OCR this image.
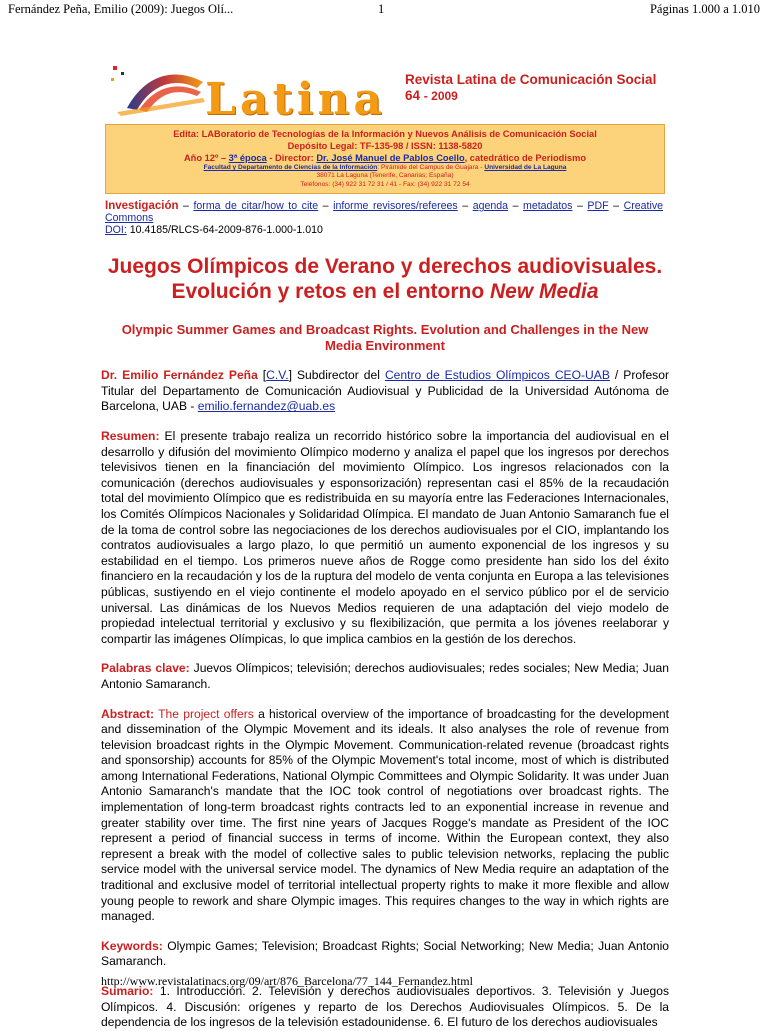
Fernández Peña, Emilio (2009): Juegos Olí...	1	Páginas 1.000 a 1.010
Latina Revista Latina de Comunicación Social
64 - 2009
Edita: LABoratorio de Tecnologías de la Información y Nuevos Análisis de Comunicación Social
Depósito Legal: TF-135-98 / ISSN: 1138-5820
Año 12º – 3ª época - Director: Dr. José Manuel de Pablos Coello, catedrático de Periodismo
Facultad y Departamento de Ciencias de la Información: Pirámide del Campus de Guajara - Universidad de La Laguna
38071 La Laguna (Tenerife, Canarias; España)
Teléfonos: (34) 922 31 72 31 / 41 - Fax: (34) 922 31 72 54
Investigación – forma de citar/how to cite – informe revisores/referees – agenda – metadatos – PDF – Creative Commons
DOI: 10.4185/RLCS-64-2009-876-1.000-1.010
Juegos Olímpicos de Verano y derechos audiovisuales.
Evolución y retos en el entorno New Media
Olympic Summer Games and Broadcast Rights. Evolution and Challenges in the New Media Environment

Dr. Emilio Fernández Peña [C.V.] Subdirector del Centro de Estudios Olímpicos CEO-UAB / Profesor Titular del Departamento de Comunicación Audiovisual y Publicidad de la Universidad Autónoma de Barcelona, UAB - emilio.fernandez@uab.es

Resumen: El presente trabajo realiza un recorrido histórico sobre la importancia del audiovisual en el desarrollo y difusión del movimiento Olímpico moderno y analiza el papel que los ingresos por derechos televisivos tienen en la financiación del movimiento Olímpico. Los ingresos relacionados con la comunicación (derechos audiovisuales y esponsorización) representan casi el 85% de la recaudación total del movimiento Olímpico que es redistribuida en su mayoría entre las Federaciones Internacionales, los Comités Olímpicos Nacionales y Solidaridad Olímpica. El mandato de Juan Antonio Samaranch fue el de la toma de control sobre las negociaciones de los derechos audiovisuales por el CIO, implantando los contratos audiovisuales a largo plazo, lo que permitió un aumento exponencial de los ingresos y su estabilidad en el tiempo. Los primeros nueve años de Rogge como presidente han sido los del éxito financiero en la recaudación y los de la ruptura del modelo de venta conjunta en Europa a las televisiones públicas, sustiyendo en el viejo continente el modelo apoyado en el servico público por el de servicio universal. Las dinámicas de los Nuevos Medios requieren de una adaptación del viejo modelo de propiedad intelectual territorial y exclusivo y su flexibilización, que permita a los jóvenes reelaborar y compartir las imágenes Olímpicas, lo que implica cambios en la gestión de los derechos.

Palabras clave: Juevos Olímpicos; televisión; derechos audiovisuales; redes sociales; New Media; Juan Antonio Samaranch.

Abstract: The project offers a historical overview of the importance of broadcasting for the development and dissemination of the Olympic Movement and its ideals. It also analyses the role of revenue from television broadcast rights in the Olympic Movement. Communication-related revenue (broadcast rights and sponsorship) accounts for 85% of the Olympic Movement's total income, most of which is distributed among International Federations, National Olympic Committees and Olympic Solidarity. It was under Juan Antonio Samaranch's mandate that the IOC took control of negotiations over broadcast rights. The implementation of long-term broadcast rights contracts led to an exponential increase in revenue and greater stability over time. The first nine years of Jacques Rogge's mandate as President of the IOC represent a period of financial success in terms of income. Within the European context, they also represent a break with the model of collective sales to public television networks, replacing the public service model with the universal service model. The dynamics of New Media require an adaptation of the traditional and exclusive model of territorial intellectual property rights to make it more flexible and allow young people to rework and share Olympic images. This requires changes to the way in which rights are managed.

Keywords: Olympic Games; Television; Broadcast Rights; Social Networking; New Media; Juan Antonio Samaranch.

Sumario: 1. Introducción. 2. Televisión y derechos audiovisuales deportivos. 3. Televisión y Juegos Olímpicos. 4. Discusión: orígenes y reparto de los Derechos Audiovisuales Olímpicos. 5. De la dependencia de los ingresos de la televisión estadounidense. 6. El futuro de los derechos audiovisuales

http://www.revistalatinacs.org/09/art/876_Barcelona/77_144_Fernandez.html
